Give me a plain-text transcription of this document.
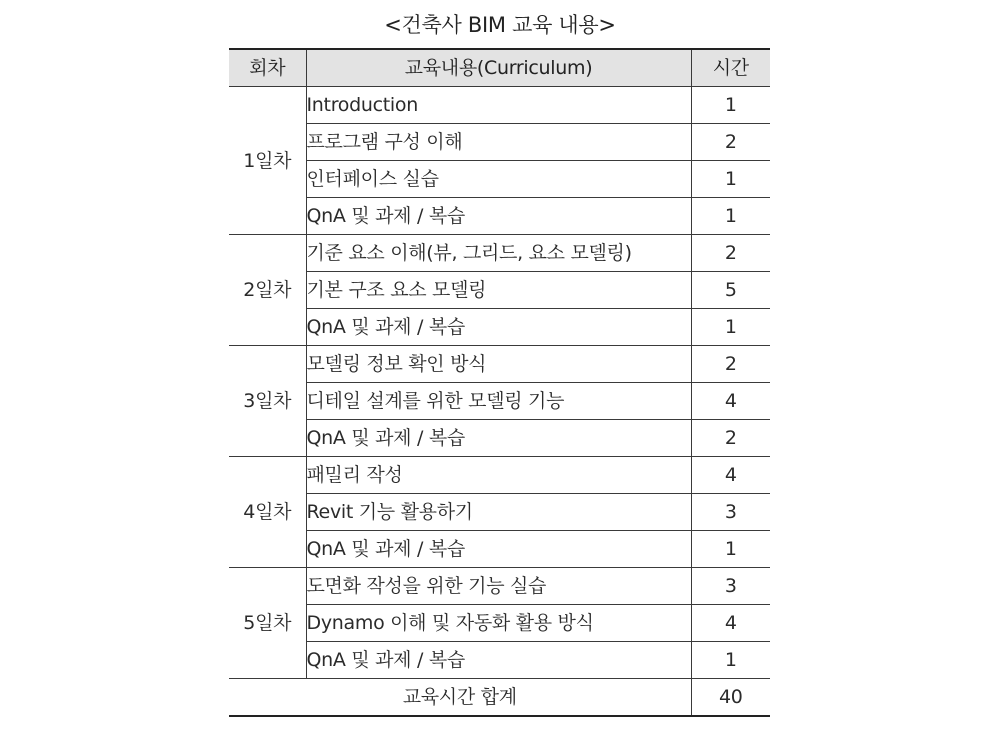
<건축사 BIM 교육 내용>
회차	교육내용(Curriculum)	시간
1일차	Introduction	1
	프로그램 구성 이해	2
	인터페이스 실습	1
	QnA 및 과제 / 복습	1
2일차	기준 요소 이해(뷰, 그리드, 요소 모델링)	2
	기본 구조 요소 모델링	5
	QnA 및 과제 / 복습	1
3일차	모델링 정보 확인 방식	2
	디테일 설계를 위한 모델링 기능	4
	QnA 및 과제 / 복습	2
4일차	패밀리 작성	4
	Revit 기능 활용하기	3
	QnA 및 과제 / 복습	1
5일차	도면화 작성을 위한 기능 실습	3
	Dynamo 이해 및 자동화 활용 방식	4
	QnA 및 과제 / 복습	1
교육시간 합계		40
